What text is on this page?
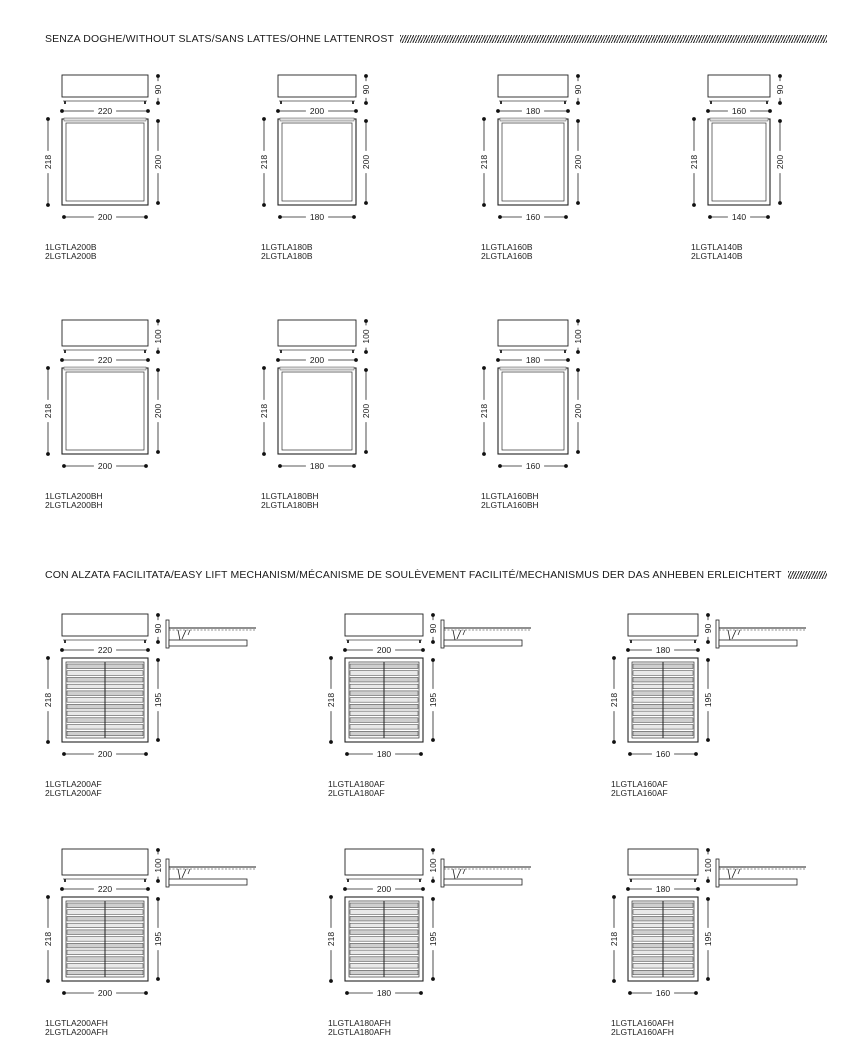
SENZA DOGHE/WITHOUT SLATS/SANS LATTES/OHNE LATTENROST
CON ALZATA FACILITATA/EASY LIFT MECHANISM/MÉCANISME DE SOULÈVEMENT FACILITÉ/MECHANISMUS DER DAS ANHEBEN ERLEICHTERT
90
220
218	200
200
1LGTLA200B
2LGTLA200B
90
200
218	200
180
1LGTLA180B
2LGTLA180B
90
180
218	200
160
1LGTLA160B
2LGTLA160B
90
160
218	200
140
1LGTLA140B
2LGTLA140B
100
220
218	200
200
1LGTLA200BH
2LGTLA200BH
100
200
218	200
180
1LGTLA180BH
2LGTLA180BH
100
180
218	200
160
1LGTLA160BH
2LGTLA160BH
90
220
218	195
200
1LGTLA200AF
2LGTLA200AF
90
200
218	195
180
1LGTLA180AF
2LGTLA180AF
90
180
218	195
160
1LGTLA160AF
2LGTLA160AF
100
220
218	195
200
1LGTLA200AFH
2LGTLA200AFH
100
200
218	195
180
1LGTLA180AFH
2LGTLA180AFH
100
180
218	195
160
1LGTLA160AFH
2LGTLA160AFH
